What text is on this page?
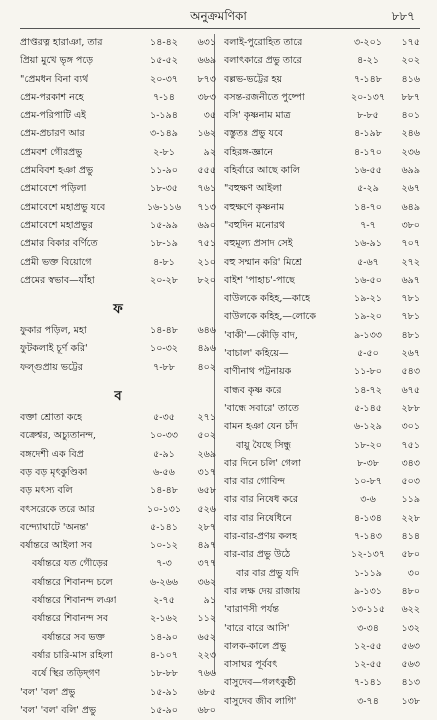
অনুক্রমণিকা	৮৮৭
প্রাপ্তরত্ন হারাঞা, তার	১৪-৪২	৬৩১
প্রিয়া মুখে ভৃঙ্গ পড়ে	১৫-৫২	৬৬৯
"প্রেমধন বিনা ব্যর্থ	২০-৩৭	৮৭৩
প্রেম-পরকাশ নহে	৭-১৪	৩৮৩
প্রেম-পরিপাটি এই	১-১৯৪	৩৫
প্রেম-প্রচারণ আর	৩-১৪৯	১৬২
প্রেমবশ গৌরপ্রভু	২-৮১	৯২
প্রেমবিবশ হঞা প্রভু	১১-৯০	৫৫৫
প্রেমাবেশে পড়িলা	১৮-৩৫	৭৬১
প্রেমাবেশে মহাপ্রভু যবে	১৬-১১৬	৭১৩
প্রেমাবেশে মহাপ্রভুর	১৫-৯৯	৬৯০
প্রেমার বিকার বর্ণিতে	১৮-১৯	৭৫১
প্রেমী ভক্ত বিয়োগে	৪-৮১	২১০
প্রেমের স্বভাব—যাঁহা	২০-২৮	৮২০
ফ
ফুকার পড়িল, মহা	১৪-৪৮	৬৪৬
ফুটকলাই চূর্ণ করি'	১০-৩২	৪৯৬
ফল্গুপ্রায় ভট্টের	৭-৮৮	৪০২
ব
বক্তা শ্রোতা কহে	৫-৩৫	২৭১
বক্রেশ্বর, অচ্যুতানন্দ,	১০-৩৩	৫০২
বঙ্গদেশী এক বিপ্র	৫-৯১	২৬৯
বড় বড় মৃৎকুণ্ডিকা	৬-৫৬	৩১৭
বড় মৎস্য বলি	১৪-৪৮	৬৫৮
বৎসরেকে তরে আর	১০-১৩১	৫২৬
বন্দ্যোঘাটে 'অনন্ত'	৫-১৪১	২৮৭
বর্ষান্তরে আইলা সব	১০-১২	৪৯৭
বর্ষান্তরে যত গৌড়ের	৭-৩	৩৭৭
বর্ষান্তরে শিবানন্দ চলে	৬-২৬৬	৩৬২
বর্ষান্তরে শিবানন্দ লঞা	২-৭৫	৯১
বর্ষান্তরে শিবানন্দ সব	২-১৬২	১১২
বর্ষান্তরে সব ভক্ত	১৪-৯০	৬৫২
বর্ষার চারি-মাস রহিলা	৪-১০৭	২২৩
বর্ষে স্থির তড়িদ্‌গণ	১৮-৮৮	৭৬৬
'বল' 'বল' প্রভু	১৫-৯১	৬৮৫
'বল' 'বল' বলি' প্রভু	১৫-৯০	৬৮০
বলাই-পুরোহিত তারে	৩-২০১	১৭৫
বলাৎকারে প্রভু তারে	৪-২১	২০২
বল্লভ-ভট্টের হয়	৭-১৪৮	৪১৬
বসন্ত-রজনীতে পুষ্পো	২০-১৩৭	৮৮৭
বসি' কৃষ্ণনাম মাত্র	৮-৮৫	৪০১
বস্তুতঃ প্রভু যবে	৪-১৯৮	২৪৬
বহিরঙ্গ-জ্ঞানে	৪-১৭০	২৩৬
বহির্বারে আছে কালি	১৬-৫৫	৬৯৯
"বহুক্ষণ আইলা	৫-২৯	২৬৭
বহুক্ষণে কৃষ্ণনাম	১৪-৭০	৬৪৯
"বহুদিন মনোরথ	৭-৭	৩৮০
বহুমূল্য প্রসাদ সেই	১৬-৯১	৭০৭
বহু সম্মান করি' মিশ্রে	৫-৬৭	২৭২
বাইশ 'পাহাচ'-পাছে	১৬-৫০	৬৯৭
বাউলকে কহিহ,—কাহে	১৯-২১	৭৮১
বাউলকে কহিহ,—লোকে	১৯-২০	৭৮১
'বাকী'—কৌড়ি বাদ,	৯-১৩৩	৪৮১
'বাচাল' কহিয়ে—	৫-৫০	২৬৭
বাণীনাথ পট্টনায়ক	১১-৮০	৫৪৩
বান্ধব কৃষ্ণ করে	১৪-৭২	৬৭৫
'বান্ধে সবারে' তাতে	৫-১৪৫	২৮৮
বামন হঞা যেন চাঁদ	৬-১২৯	৩০১
বায়ু যৈছে সিন্ধু	১৮-২০	৭৫১
বার দিনে চলি' গেলা	৮-৩৮	৩৪৩
বার বার গোবিন্দ	১০-৮৭	৫০৩
বার বার নিষেধ করে	৩-৬	১১৯
বার বার নিষেধিনে	৪-১৩৪	২২৮
বার-বার-প্রণয় কলহ	৭-১৪৩	৪১৪
বার-বার প্রভু উঠে	১২-১৩৭	৫৮০
বার বার প্রভু যদি	১-১১৯	৩০
বার লক্ষ দেয় রাজায়	৯-১৩১	৪৮০
'বারাণসী পর্যন্ত	১৩-১১৫	৬২২
'বারে বারে আসি'	৩-৩৪	১৩২
বালক-কালে প্রভু	১২-৫৫	৫৬৩
বাসাঘর পূর্ববৎ	১২-৫৫	৫৬৩
বাসুদেব—গলৎকুষ্ঠী	৭-১৪১	৪১৩
বাসুদেব জীব লাগি'	৩-৭৪	১৩৮
